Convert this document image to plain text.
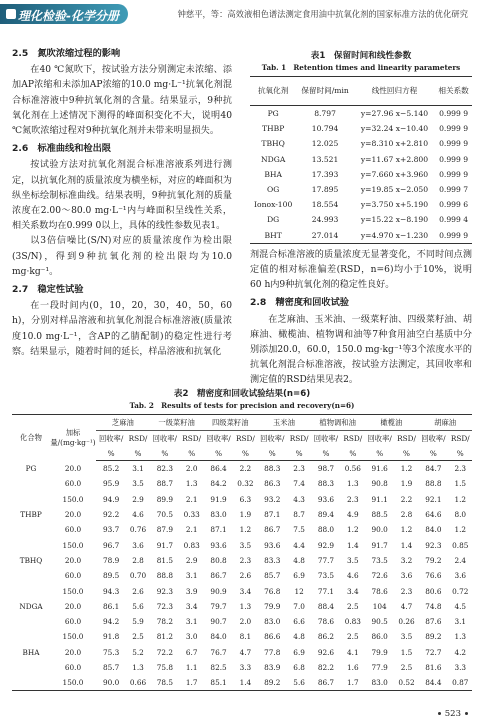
理化检验-化学分册	钟慈平，等：高效液相色谱法测定食用油中抗氧化剂的国家标准方法的优化研究
2.5　氮吹浓缩过程的影响

在40 ℃氮吹下，按试验方法分别测定未浓缩、添加AP浓缩和未添加AP浓缩的10.0 mg·L⁻¹抗氧化剂混合标准溶液中9种抗氧化剂的含量。结果显示，9种抗氧化剂在上述情况下测得的峰面积变化不大，说明40 ℃氮吹浓缩过程对9种抗氧化剂并未带来明显损失。

2.6　标准曲线和检出限

按试验方法对抗氧化剂混合标准溶液系列进行测定，以抗氧化剂的质量浓度为横坐标，对应的峰面积为纵坐标绘制标准曲线。结果表明，9种抗氧化剂的质量浓度在2.00～80.0 mg·L⁻¹内与峰面积呈线性关系，相关系数均在0.999 0以上，具体的线性参数见表1。

以3倍信噪比(S/N)对应的质量浓度作为检出限(3S/N)，得到9种抗氧化剂的检出限均为10.0 mg·kg⁻¹。

2.7　稳定性试验

在一段时间内(0，10，20，30，40，50，60 h)，分别对样品溶液和抗氧化剂混合标准溶液(质量浓度10.0 mg·L⁻¹，含AP的乙腈配制)的稳定性进行考察。结果显示，随着时间的延长，样品溶液和抗氧化

表1　保留时间和线性参数
Tab. 1　Retention times and linearity parameters
抗氧化剂	保留时间/min	线性回归方程	相关系数
PG	8.797	y=27.96 x−5.140	0.999 9
THBP	10.794	y=32.24 x−10.40	0.999 9
TBHQ	12.025	y=8.310 x+2.810	0.999 9
NDGA	13.521	y=11.67 x+2.800	0.999 9
BHA	17.393	y=7.660 x+3.960	0.999 9
OG	17.895	y=19.85 x−2.050	0.999 7
Ionox-100	18.554	y=3.750 x+5.190	0.999 6
DG	24.993	y=15.22 x−8.190	0.999 4
BHT	27.014	y=4.970 x−1.230	0.999 9

剂混合标准溶液的质量浓度无显著变化，不同时间点测定值的相对标准偏差(RSD，n=6)均小于10%，说明60 h内9种抗氧化剂的稳定性良好。

2.8　精密度和回收试验

在芝麻油、玉米油、一级菜籽油、四级菜籽油、胡麻油、橄榄油、植物调和油等7种食用油空白基质中分别添加20.0，60.0，150.0 mg·kg⁻¹等3个浓度水平的抗氧化剂混合标准溶液，按试验方法测定，其回收率和测定值的RSD结果见表2。

表2　精密度和回收试验结果(n=6)
Tab. 2　Results of tests for precision and recovery(n=6)
化合物	加标量/(mg·kg⁻¹)	芝麻油		一级菜籽油		四级菜籽油		玉米油		植物调和油		橄榄油		胡麻油	
		回收率/	RSD/	回收率/	RSD/	回收率/	RSD/	回收率/	RSD/	回收率/	RSD/	回收率/	RSD/	回收率/	RSD/
		%	%	%	%	%	%	%	%	%	%	%	%	%	%
PG	20.0	85.2	3.1	82.3	2.0	86.4	2.2	88.3	2.3	98.7	0.56	91.6	1.2	84.7	2.3
	60.0	95.9	3.5	88.7	1.3	84.2	0.32	86.3	7.4	88.3	1.3	90.8	1.9	88.8	1.5
	150.0	94.9	2.9	89.9	2.1	91.9	6.3	93.2	4.3	93.6	2.3	91.1	2.2	92.1	1.2
THBP	20.0	92.2	4.6	70.5	0.33	83.0	1.9	87.1	8.7	89.4	4.9	88.5	2.8	64.6	8.0
	60.0	93.7	0.76	87.9	2.1	87.1	1.2	86.7	7.5	88.0	1.2	90.0	1.2	84.0	1.2
	150.0	96.7	3.6	91.7	0.83	93.6	3.5	93.6	4.4	92.9	1.4	91.7	1.4	92.3	0.85
TBHQ	20.0	78.9	2.8	81.5	2.9	80.8	2.3	83.3	4.8	77.7	3.5	73.5	3.2	79.2	2.4
	60.0	89.5	0.70	88.8	3.1	86.7	2.6	85.7	6.9	73.5	4.6	72.6	3.6	76.6	3.6
	150.0	94.3	2.6	92.3	3.9	90.9	3.4	76.8	12	77.1	3.4	78.6	2.3	80.6	0.72
NDGA	20.0	86.1	5.6	72.3	3.4	79.7	1.3	79.9	7.0	88.4	2.5	104	4.7	74.8	4.5
	60.0	94.2	5.9	78.2	3.1	90.7	2.0	83.0	6.6	78.6	0.83	90.5	0.26	87.6	3.1
	150.0	91.8	2.5	81.2	3.0	84.0	8.1	86.6	4.8	86.2	2.5	86.0	3.5	89.2	1.3
BHA	20.0	75.3	5.2	72.2	6.7	76.7	4.7	77.8	6.9	92.6	4.1	79.9	1.5	72.7	4.2
	60.0	85.7	1.3	75.8	1.1	82.5	3.3	83.9	6.8	82.2	1.6	77.9	2.5	81.6	3.3
	150.0	90.0	0.66	78.5	1.7	85.1	1.4	89.2	5.6	86.7	1.7	83.0	0.52	84.4	0.87
523
